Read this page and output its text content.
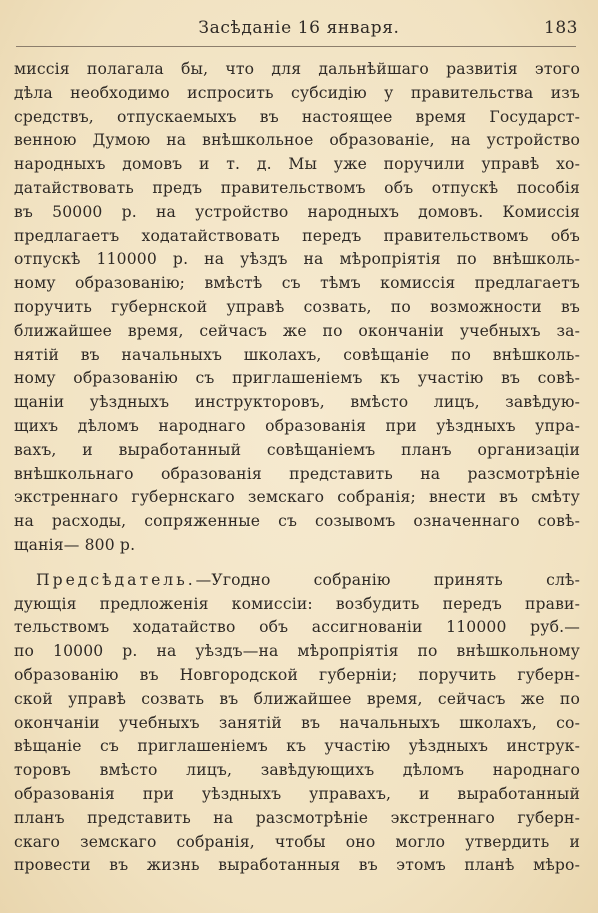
Засѣданіе 16 января.	183
миссія полагала бы, что для дальнѣйшаго развитія этого
дѣла необходимо испросить субсидію у правительства изъ
средствъ, отпускаемыхъ въ настоящее время Государст-
венною Думою на внѣшкольное образованіе, на устройство
народныхъ домовъ и т. д. Мы уже поручили управѣ хо-
датайствовать предъ правительствомъ объ отпускѣ пособія
въ 50000 р. на устройство народныхъ домовъ. Комиссія
предлагаетъ ходатайствовать передъ правительствомъ объ
отпускѣ 110000 р. на уѣздъ на мѣропріятія по внѣшколь-
ному образованію; вмѣстѣ съ тѣмъ комиссія предлагаетъ
поручить губернской управѣ созвать, по возможности въ
ближайшее время, сейчасъ же по окончаніи учебныхъ за-
нятій въ начальныхъ школахъ, совѣщаніе по внѣшколь-
ному образованію съ приглашеніемъ къ участію въ совѣ-
щаніи уѣздныхъ инструкторовъ, вмѣсто лицъ, завѣдую-
щихъ дѣломъ народнаго образованія при уѣздныхъ упра-
вахъ, и выработанный совѣщаніемъ планъ организаціи
внѣшкольнаго образованія представить на разсмотрѣніе
экстреннаго губернскаго земскаго собранія; внести въ смѣту
на расходы, сопряженные съ созывомъ означеннаго совѣ-
щанія— 800 р.
Предсѣдатель.—Угодно собранію принять слѣ-
дующія предложенія комиссіи: возбудить передъ прави-
тельствомъ ходатайство объ ассигнованіи 110000 руб.—
по 10000 р. на уѣздъ—на мѣропріятія по внѣшкольному
образованію въ Новгородской губерніи; поручить губерн-
ской управѣ созвать въ ближайшее время, сейчасъ же по
окончаніи учебныхъ занятій въ начальныхъ школахъ, со-
вѣщаніе съ приглашеніемъ къ участію уѣздныхъ инструк-
торовъ вмѣсто лицъ, завѣдующихъ дѣломъ народнаго
образованія при уѣздныхъ управахъ, и выработанный
планъ представить на разсмотрѣніе экстреннаго губерн-
скаго земскаго собранія, чтобы оно могло утвердить и
провести въ жизнь выработанныя въ этомъ планѣ мѣро-
